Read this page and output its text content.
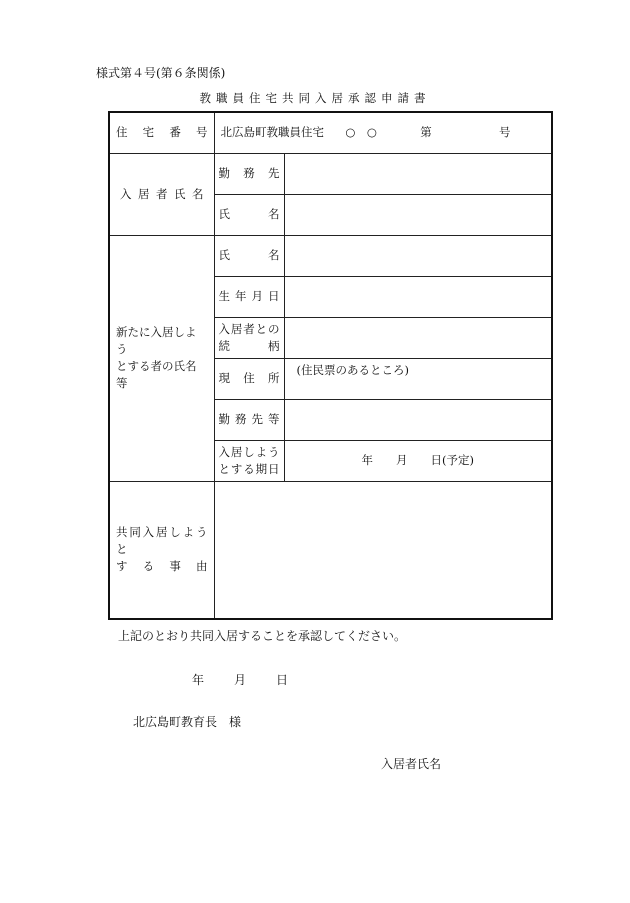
様式第４号(第６条関係)
教職員住宅共同入居承認申請書
住宅番号	北広島町教職員住宅 ○　○ 第 号	

入居者氏名	勤務先	

	氏名	

新たに入居しよう
とする者の氏名等	氏名	

	生年月日	

	入居者との
続柄	

	現住所	(住民票のあるところ)

	勤務先等	

	入居しよう
とする期日	年　　月　　日(予定)

共同入居しようと
する事由		

上記のとおり共同入居することを承認してください。
年　　月　　日
北広島町教育長　様
入居者氏名
